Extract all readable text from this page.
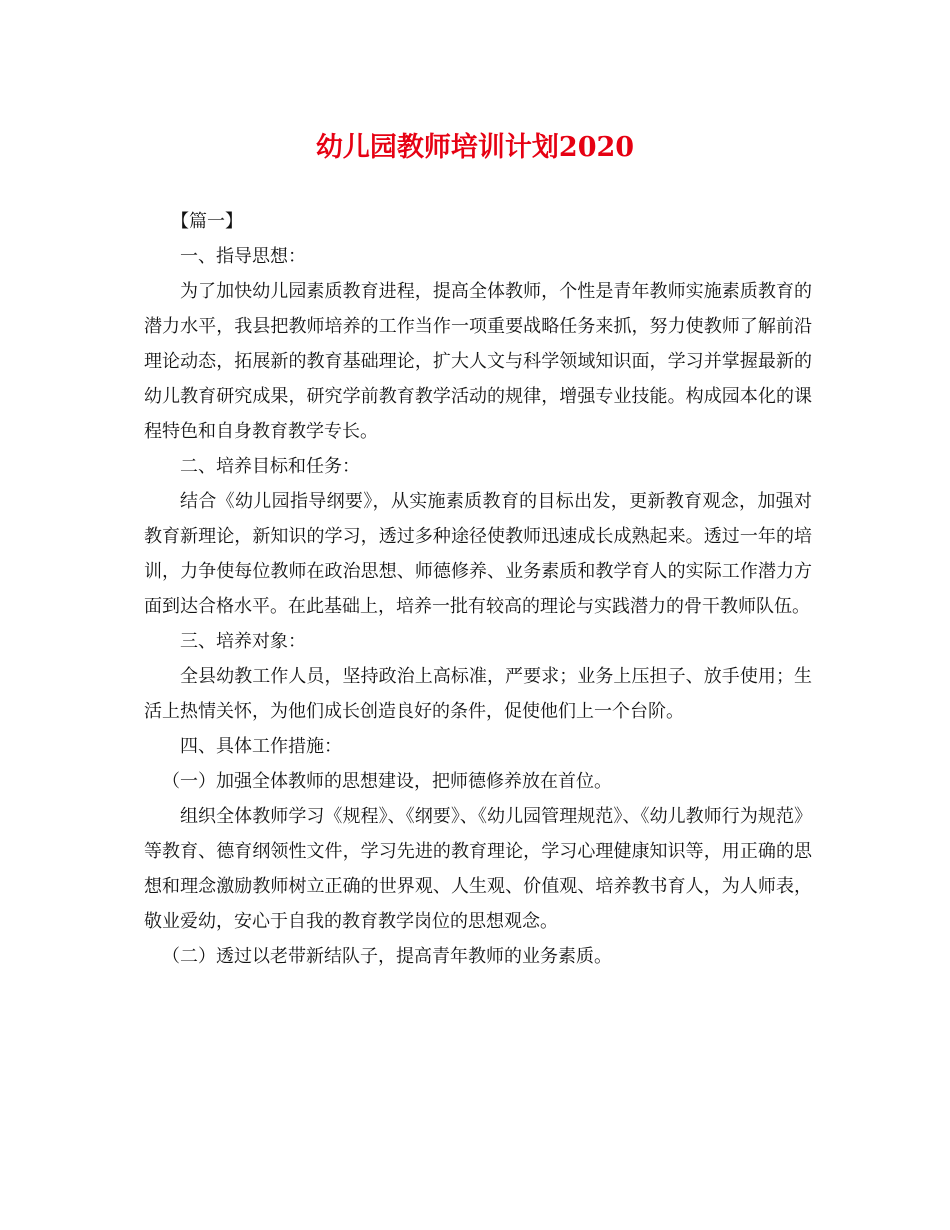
幼儿园教师培训计划2020

【篇一】

一、指导思想：

为了加快幼儿园素质教育进程，提高全体教师，个性是青年教师实施素质教育的潜力水平，我县把教师培养的工作当作一项重要战略任务来抓，努力使教师了解前沿理论动态，拓展新的教育基础理论，扩大人文与科学领域知识面，学习并掌握最新的幼儿教育研究成果，研究学前教育教学活动的规律，增强专业技能。构成园本化的课程特色和自身教育教学专长。

二、培养目标和任务：

结合《幼儿园指导纲要》，从实施素质教育的目标出发，更新教育观念，加强对教育新理论，新知识的学习，透过多种途径使教师迅速成长成熟起来。透过一年的培训，力争使每位教师在政治思想、师德修养、业务素质和教学育人的实际工作潜力方面到达合格水平。在此基础上，培养一批有较高的理论与实践潜力的骨干教师队伍。

三、培养对象：

全县幼教工作人员，坚持政治上高标准，严要求；业务上压担子、放手使用；生活上热情关怀，为他们成长创造良好的条件，促使他们上一个台阶。

四、具体工作措施：

（一）加强全体教师的思想建设，把师德修养放在首位。

组织全体教师学习《规程》、《纲要》、《幼儿园管理规范》、《幼儿教师行为规范》等教育、德育纲领性文件，学习先进的教育理论，学习心理健康知识等，用正确的思想和理念激励教师树立正确的世界观、人生观、价值观、培养教书育人，为人师表，敬业爱幼，安心于自我的教育教学岗位的思想观念。

（二）透过以老带新结队子，提高青年教师的业务素质。
